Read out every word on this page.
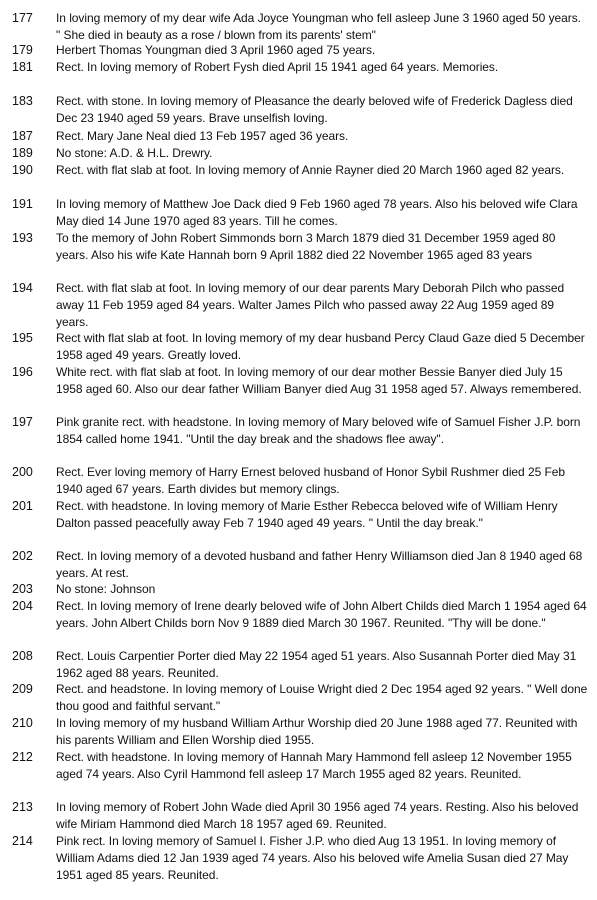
177 In loving memory of my dear wife Ada Joyce Youngman who fell asleep June 3 1960 aged 50 years. " She died in beauty as a rose / blown from its parents' stem"
179 Herbert Thomas Youngman died 3 April 1960 aged 75 years.
181 Rect. In loving memory of Robert Fysh died April 15 1941 aged 64 years. Memories.
183 Rect. with stone. In loving memory of Pleasance the dearly beloved wife of Frederick Dagless died Dec 23 1940 aged 59 years. Brave unselfish loving.
187 Rect. Mary Jane Neal died 13 Feb 1957 aged 36 years.
189 No stone: A.D. & H.L. Drewry.
190 Rect. with flat slab at foot. In loving memory of Annie Rayner died 20 March 1960 aged 82 years.
191 In loving memory of Matthew Joe Dack died 9 Feb 1960 aged 78 years. Also his beloved wife Clara May died 14 June 1970 aged 83 years. Till he comes.
193 To the memory of John Robert Simmonds born 3 March 1879 died 31 December 1959 aged 80 years. Also his wife Kate Hannah born 9 April 1882 died 22 November 1965 aged 83 years
194 Rect. with flat slab at foot. In loving memory of our dear parents Mary Deborah Pilch who passed away 11 Feb 1959 aged 84 years. Walter James Pilch who passed away 22 Aug 1959 aged 89 years.
195 Rect with flat slab at foot. In loving memory of my dear husband Percy Claud Gaze died 5 December 1958 aged 49 years. Greatly loved.
196 White rect. with flat slab at foot. In loving memory of our dear mother Bessie Banyer died July 15 1958 aged 60. Also our dear father William Banyer died Aug 31 1958 aged 57. Always remembered.
197 Pink granite rect. with headstone. In loving memory of Mary beloved wife of Samuel Fisher J.P. born 1854 called home 1941. "Until the day break and the shadows flee away".
200 Rect. Ever loving memory of Harry Ernest beloved husband of Honor Sybil Rushmer died 25 Feb 1940 aged 67 years. Earth divides but memory clings.
201 Rect. with headstone. In loving memory of Marie Esther Rebecca beloved wife of William Henry Dalton passed peacefully away Feb 7 1940 aged 49 years. " Until the day break."
202 Rect. In loving memory of a devoted husband and father Henry Williamson died Jan 8 1940 aged 68 years. At rest.
203 No stone: Johnson
204 Rect. In loving memory of Irene dearly beloved wife of John Albert Childs died March 1 1954 aged 64 years. John Albert Childs born Nov 9 1889 died March 30 1967. Reunited. "Thy will be done."
208 Rect. Louis Carpentier Porter died May 22 1954 aged 51 years. Also Susannah Porter died May 31 1962 aged 88 years. Reunited.
209 Rect. and headstone. In loving memory of Louise Wright died 2 Dec 1954 aged 92 years. " Well done thou good and faithful servant."
210 In loving memory of my husband William Arthur Worship died 20 June 1988 aged 77. Reunited with his parents William and Ellen Worship died 1955.
212 Rect. with headstone. In loving memory of Hannah Mary Hammond fell asleep 12 November 1955 aged 74 years. Also Cyril Hammond fell asleep 17 March 1955 aged 82 years. Reunited.
213 In loving memory of Robert John Wade died April 30 1956 aged 74 years. Resting. Also his beloved wife Miriam Hammond died March 18 1957 aged 69. Reunited.
214 Pink rect. In loving memory of Samuel I. Fisher J.P. who died Aug 13 1951. In loving memory of William Adams died 12 Jan 1939 aged 74 years. Also his beloved wife Amelia Susan died 27 May 1951 aged 85 years. Reunited.
